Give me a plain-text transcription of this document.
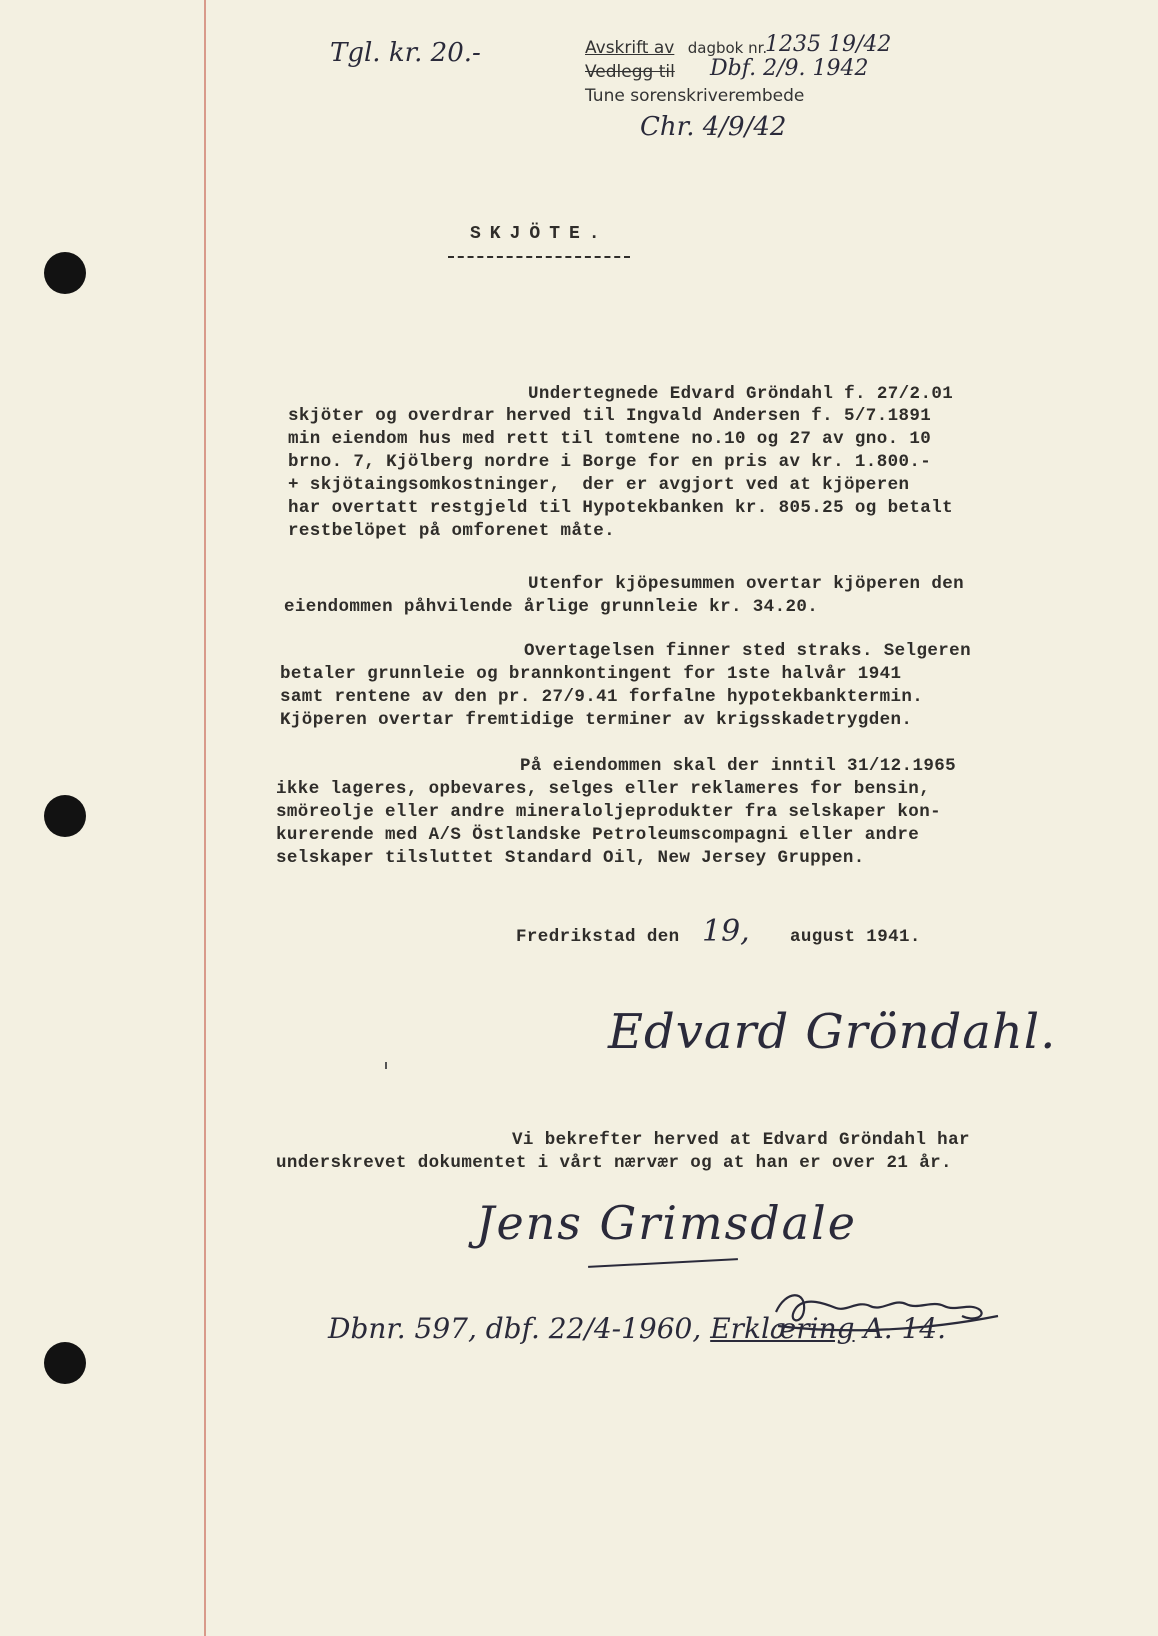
Tgl. kr. 20.-	Avskrift av dagbok nr.
1235 19/42
Vedlegg til Dbf. 2/9. 1942
Tune sorenskriverembede
Chr. 4/9/42
SKJÖTE.
Undertegnede Edvard Gröndahl f. 27/2.01
skjöter og overdrar herved til Ingvald Andersen f. 5/7.1891
min eiendom hus med rett til tomtene no.10 og 27 av gno. 10
brno. 7, Kjölberg nordre i Borge for en pris av kr. 1.800.-
+ skjötaingsomkostninger,  der er avgjort ved at kjöperen
har overtatt restgjeld til Hypotekbanken kr. 805.25 og betalt
restbelöpet på omforenet måte.
Utenfor kjöpesummen overtar kjöperen den
eiendommen påhvilende årlige grunnleie kr. 34.20.
Overtagelsen finner sted straks. Selgeren
betaler grunnleie og brannkontingent for 1ste halvår 1941
samt rentene av den pr. 27/9.41 forfalne hypotekbanktermin.
Kjöperen overtar fremtidige terminer av krigsskadetrygden.
På eiendommen skal der inntil 31/12.1965
ikke lageres, opbevares, selges eller reklameres for bensin,
smöreolje eller andre mineraloljeprodukter fra selskaper kon-
kurerende med A/S Östlandske Petroleumscompagni eller andre
selskaper tilsluttet Standard Oil, New Jersey Gruppen.
Fredrikstad den 19, august 1941.
Edvard Gröndahl.
Vi bekrefter herved at Edvard Gröndahl har
underskrevet dokumentet i vårt nærvær og at han er over 21 år.
Jens Grimsdale
Dbnr. 597, dbf. 22/4-1960, Erklæring A. 14.
